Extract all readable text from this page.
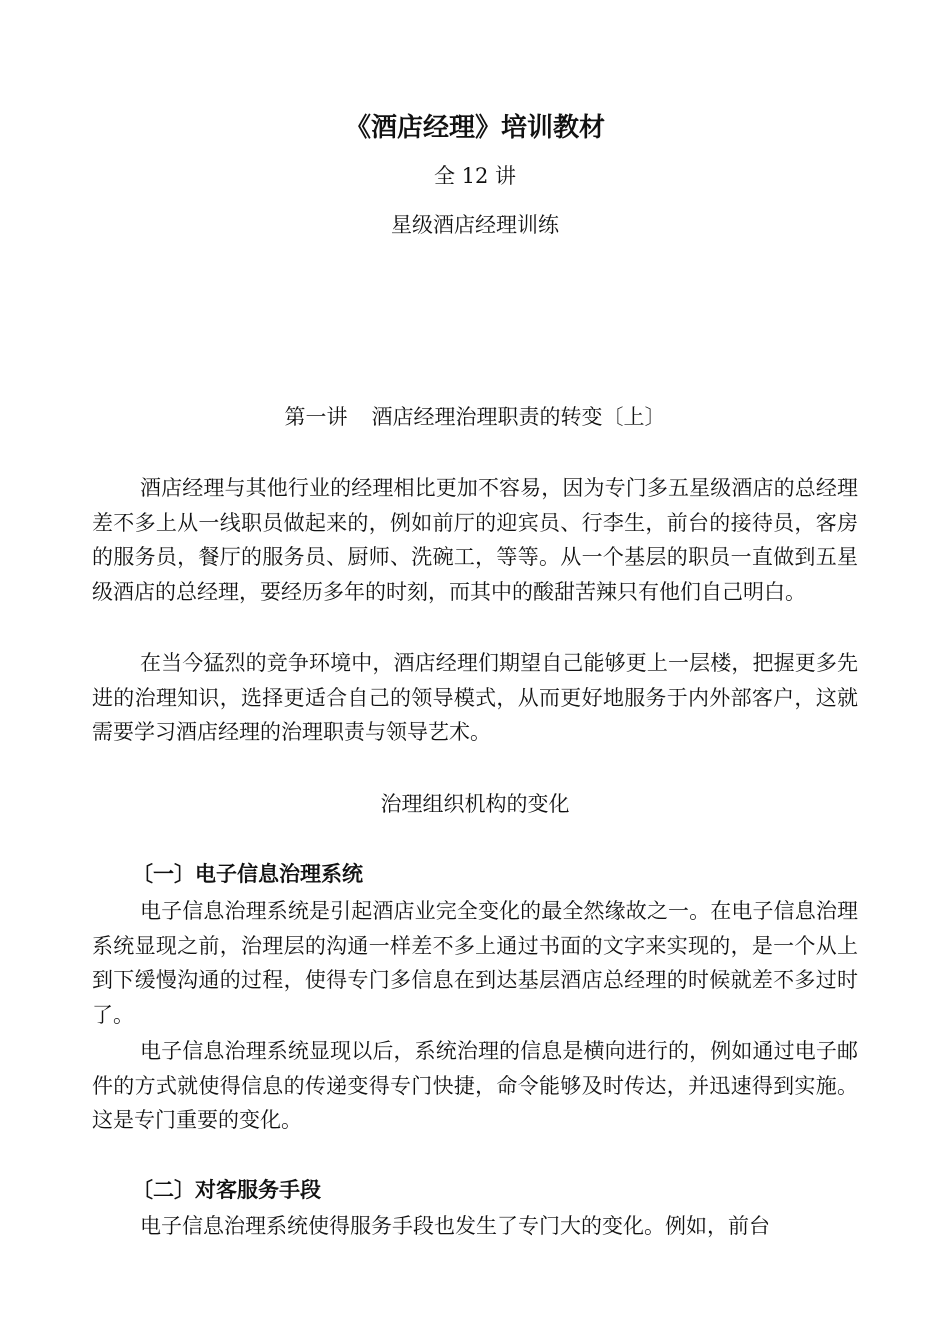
《酒店经理》培训教材
全 12 讲
星级酒店经理训练
第一讲 酒店经理治理职责的转变〔上〕

酒店经理与其他行业的经理相比更加不容易，因为专门多五星级酒店的总经理差不多上从一线职员做起来的，例如前厅的迎宾员、行李生，前台的接待员，客房的服务员，餐厅的服务员、厨师、洗碗工，等等。从一个基层的职员一直做到五星级酒店的总经理，要经历多年的时刻，而其中的酸甜苦辣只有他们自己明白。

在当今猛烈的竞争环境中，酒店经理们期望自己能够更上一层楼，把握更多先进的治理知识，选择更适合自己的领导模式，从而更好地服务于内外部客户，这就需要学习酒店经理的治理职责与领导艺术。

治理组织机构的变化

〔一〕电子信息治理系统

电子信息治理系统是引起酒店业完全变化的最全然缘故之一。在电子信息治理系统显现之前，治理层的沟通一样差不多上通过书面的文字来实现的，是一个从上到下缓慢沟通的过程，使得专门多信息在到达基层酒店总经理的时候就差不多过时了。

电子信息治理系统显现以后，系统治理的信息是横向进行的，例如通过电子邮件的方式就使得信息的传递变得专门快捷，命令能够及时传达，并迅速得到实施。这是专门重要的变化。

〔二〕对客服务手段

电子信息治理系统使得服务手段也发生了专门大的变化。例如，前台
